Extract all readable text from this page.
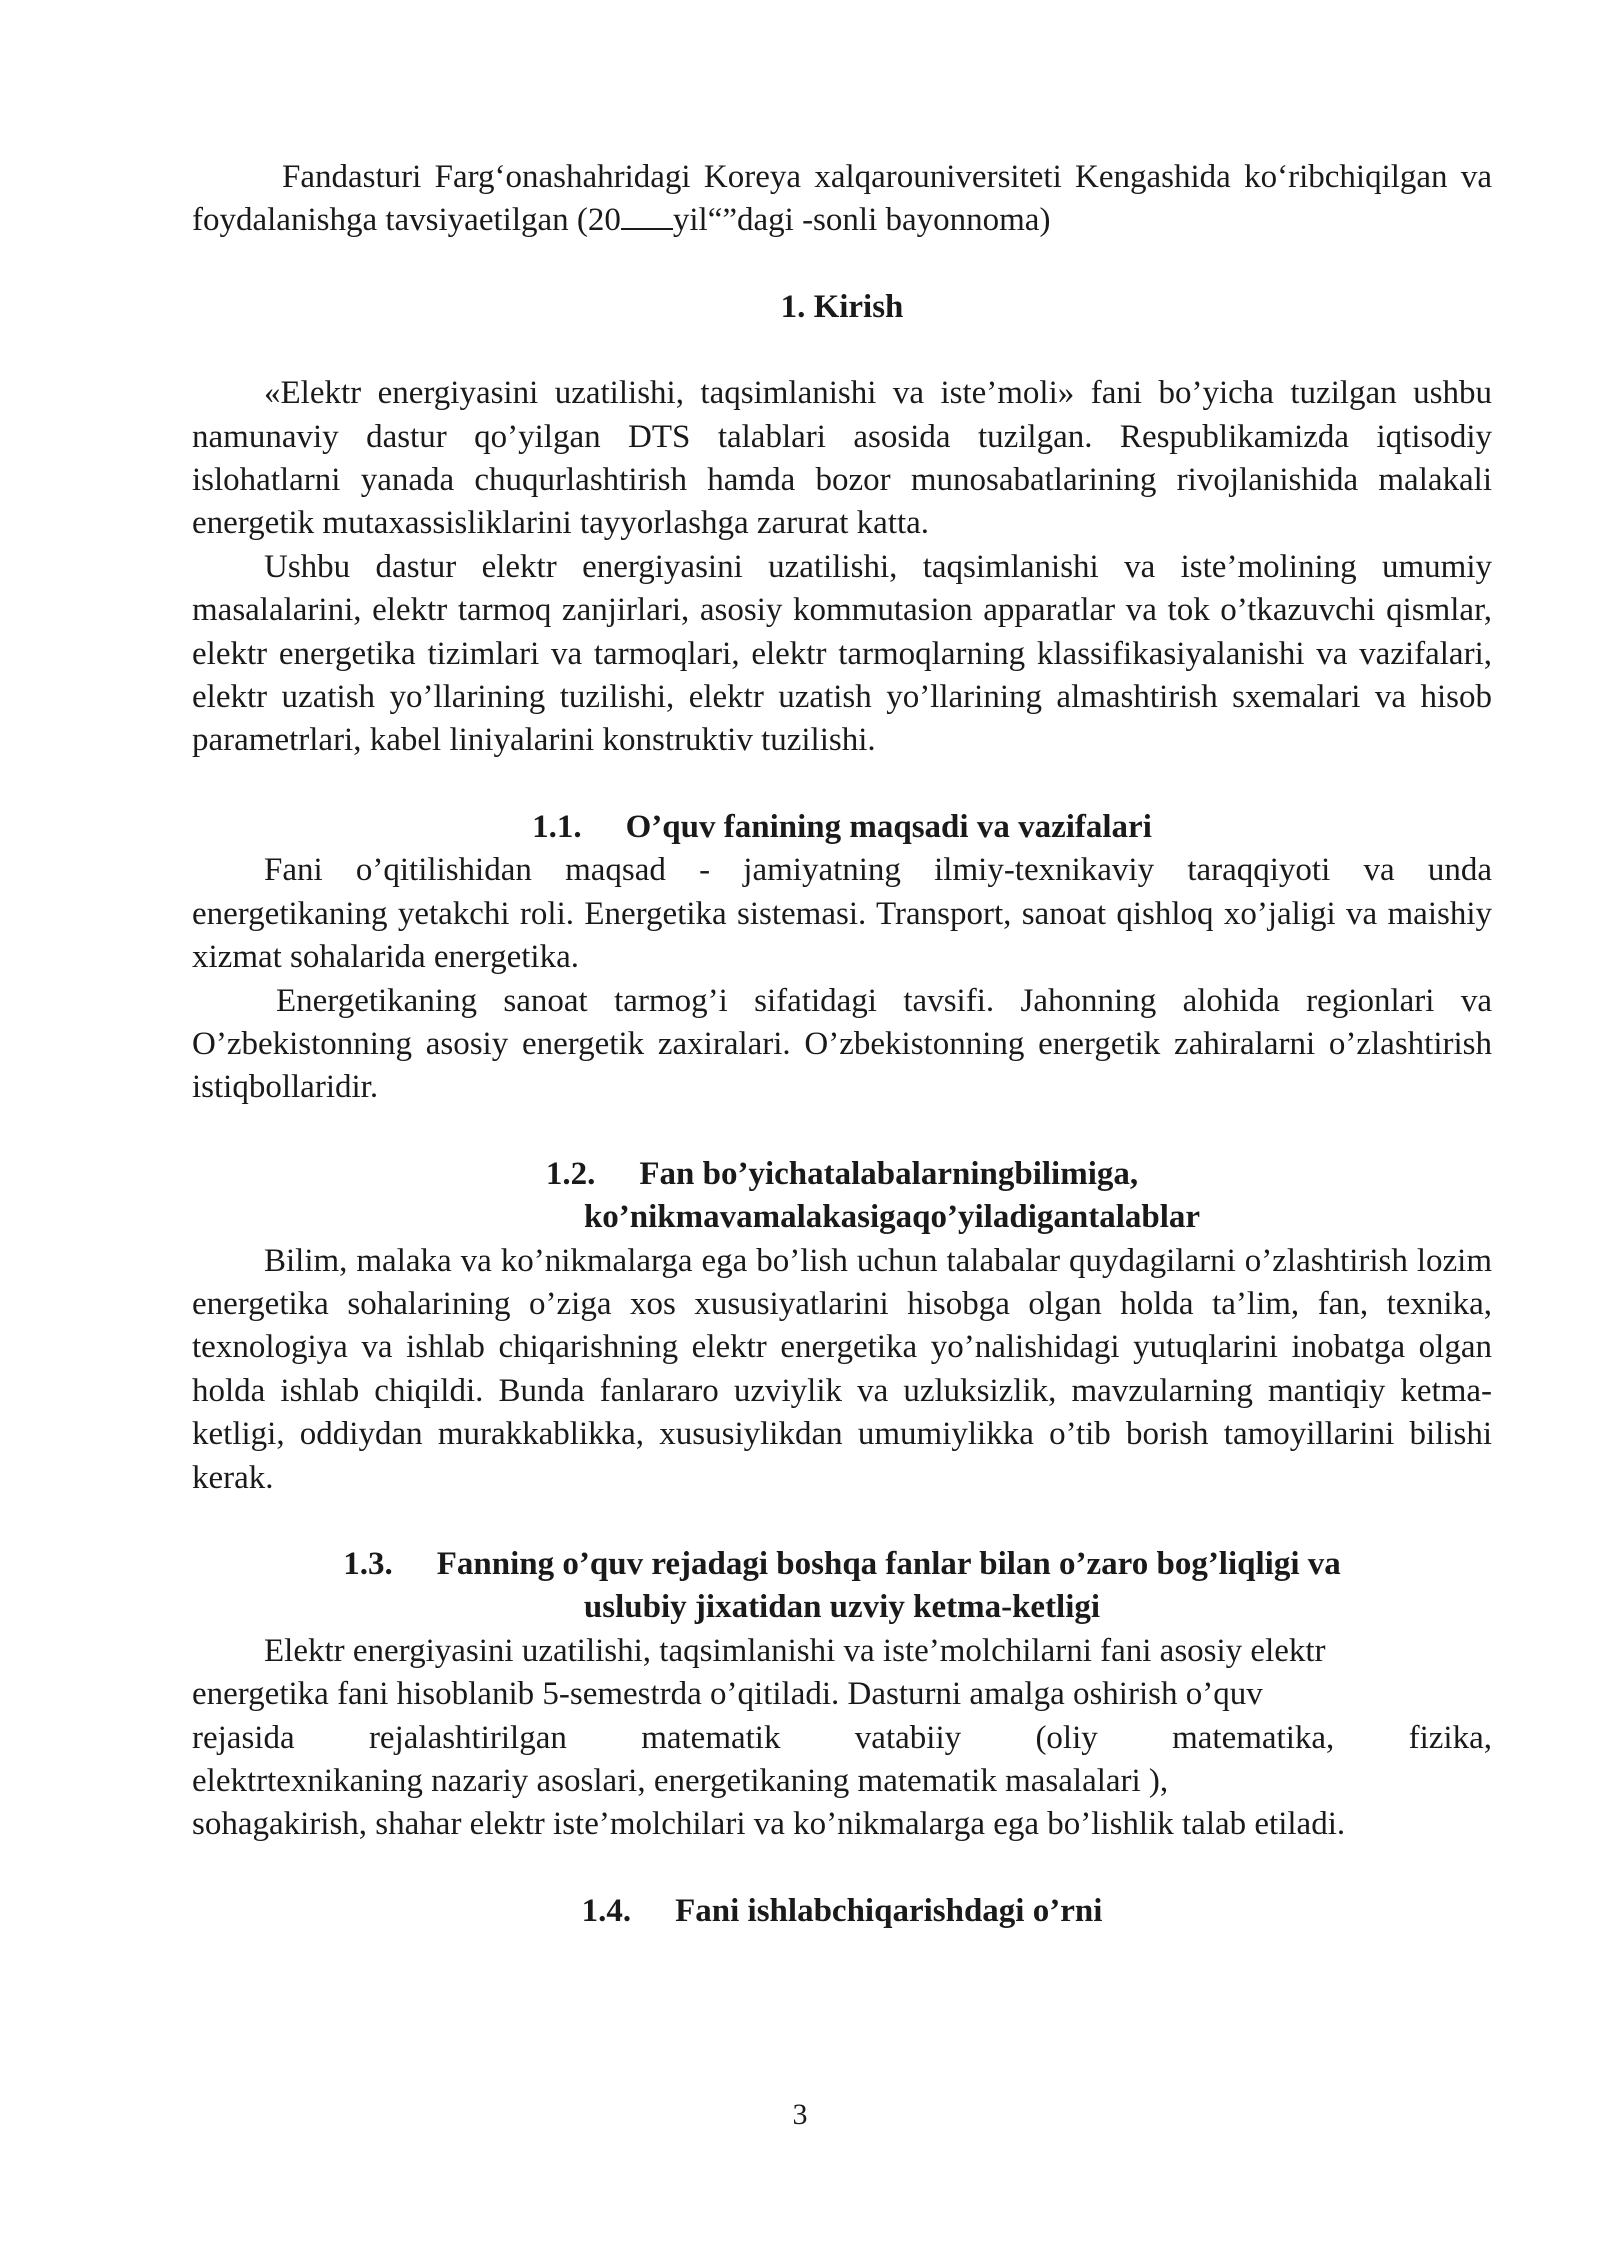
Fandasturi Farg‘onashahridagi Koreya xalqarouniversiteti Kengashida ko‘ribchiqilgan va foydalanishga tavsiyaetilgan (20 yil“”dagi -sonli bayonnoma)

1. Kirish

«Elektr energiyasini uzatilishi, taqsimlanishi va iste’moli» fani bo’yicha tuzilgan ushbu namunaviy dastur qo’yilgan DTS talablari asosida tuzilgan. Respublikamizda iqtisodiy islohatlarni yanada chuqurlashtirish hamda bozor munosabatlarining rivojlanishida malakali energetik mutaxassisliklarini tayyorlashga zarurat katta.

Ushbu dastur elektr energiyasini uzatilishi, taqsimlanishi va iste’molining umumiy masalalarini, elektr tarmoq zanjirlari, asosiy kommutasion apparatlar va tok o’tkazuvchi qismlar, elektr energetika tizimlari va tarmoqlari, elektr tarmoqlarning klassifikasiyalanishi va vazifalari, elektr uzatish yo’llarining tuzilishi, elektr uzatish yo’llarining almashtirish sxemalari va hisob parametrlari, kabel liniyalarini konstruktiv tuzilishi.

1.1. O’quv fanining maqsadi va vazifalari

Fani o’qitilishidan maqsad - jamiyatning ilmiy-texnikaviy taraqqiyoti va unda energetikaning yetakchi roli. Energetika sistemasi. Transport, sanoat qishloq xo’jaligi va maishiy xizmat sohalarida energetika.

Energetikaning sanoat tarmog’i sifatidagi tavsifi. Jahonning alohida regionlari va O’zbekistonning asosiy energetik zaxiralari. O’zbekistonning energetik zahiralarni o’zlashtirish istiqbollaridir.

1.2. Fan bo’yichatalabalarningbilimiga,
ko’nikmavamalakasigaqo’yiladigantalablar

Bilim, malaka va ko’nikmalarga ega bo’lish uchun talabalar quydagilarni o’zlashtirish lozim energetika sohalarining o’ziga xos xususiyatlarini hisobga olgan holda ta’lim, fan, texnika, texnologiya va ishlab chiqarishning elektr energetika yo’nalishidagi yutuqlarini inobatga olgan holda ishlab chiqildi. Bunda fanlararo uzviylik va uzluksizlik, mavzularning mantiqiy ketma-ketligi, oddiydan murakkablikka, xususiylikdan umumiylikka o’tib borish tamoyillarini bilishi kerak.

1.3. Fanning o’quv rejadagi boshqa fanlar bilan o’zaro bog’liqligi va
uslubiy jixatidan uzviy ketma-ketligi

Elektr energiyasini uzatilishi, taqsimlanishi va iste’molchilarni fani asosiy elektr

energetika fani hisoblanib 5-semestrda o’qitiladi. Dasturni amalga oshirish o’quv

rejasida rejalashtirilgan matematik vatabiiy (oliy matematika, fizika,

elektrtexnikaning nazariy asoslari, energetikaning matematik masalalari ),

sohagakirish, shahar elektr iste’molchilari va ko’nikmalarga ega bo’lishlik talab etiladi.

1.4. Fani ishlabchiqarishdagi o’rni

3
